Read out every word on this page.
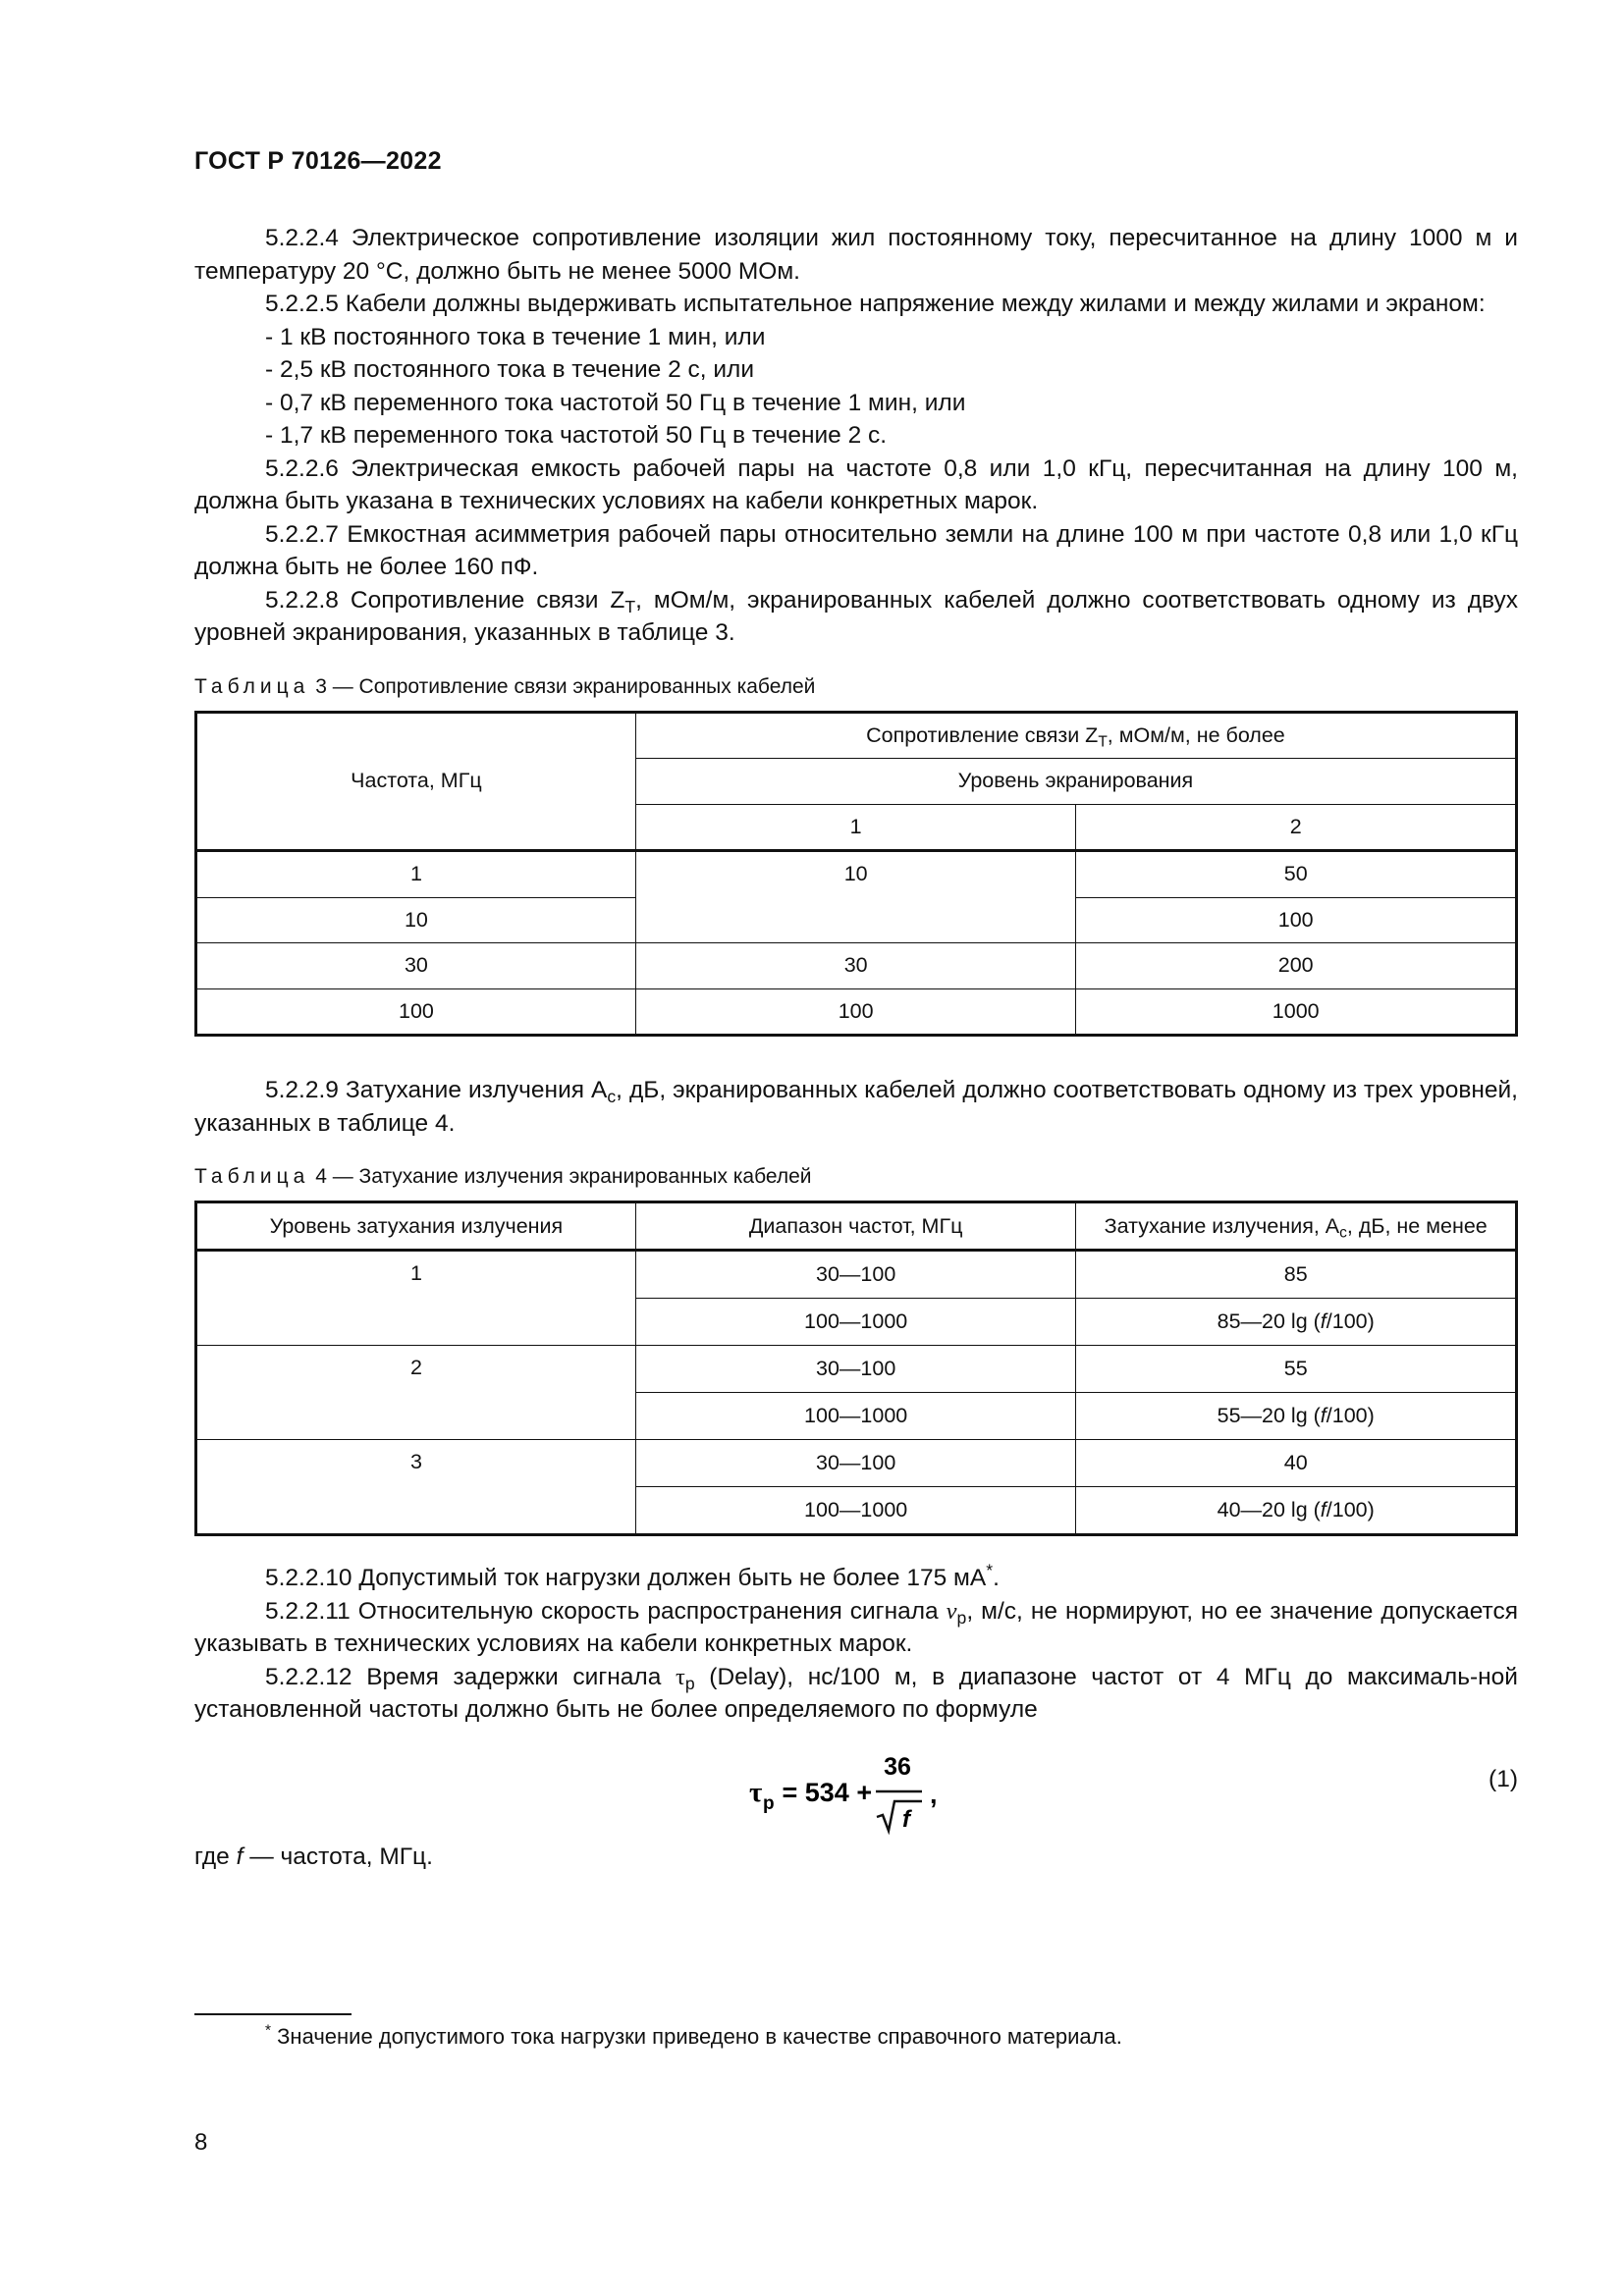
ГОСТ Р 70126—2022

5.2.2.4 Электрическое сопротивление изоляции жил постоянному току, пересчитанное на длину 1000 м и температуру 20 °С, должно быть не менее 5000 МОм.

5.2.2.5 Кабели должны выдерживать испытательное напряжение между жилами и между жилами и экраном:

- 1 кВ постоянного тока в течение 1 мин, или

- 2,5 кВ постоянного тока в течение 2 с, или

- 0,7 кВ переменного тока частотой 50 Гц в течение 1 мин, или

- 1,7 кВ переменного тока частотой 50 Гц в течение 2 с.

5.2.2.6 Электрическая емкость рабочей пары на частоте 0,8 или 1,0 кГц, пересчитанная на длину 100 м, должна быть указана в технических условиях на кабели конкретных марок.

5.2.2.7 Емкостная асимметрия рабочей пары относительно земли на длине 100 м при частоте 0,8 или 1,0 кГц должна быть не более 160 пФ.

5.2.2.8 Сопротивление связи $Z_T$, мОм/м, экранированных кабелей должно соответствовать одному из двух уровней экранирования, указанных в таблице 3.

Таблица 3 — Сопротивление связи экранированных кабелей
Частота, МГц	Сопротивление связи $Z_T$, мОм/м, не более	
	Уровень экранирования	
	1	2
1	10	50
10		100
30	30	200
100	100	1000

5.2.2.9 Затухание излучения $A_c$, дБ, экранированных кабелей должно соответствовать одному из трех уровней, указанных в таблице 4.

Таблица 4 — Затухание излучения экранированных кабелей
Уровень затухания излучения	Диапазон частот, МГц	Затухание излучения, $A_c$, дБ, не менее
1	30—100	85
	100—1000	85—20 lg (f/100)
2	30—100	55
	100—1000	55—20 lg (f/100)
3	30—100	40
	100—1000	40—20 lg (f/100)

5.2.2.10 Допустимый ток нагрузки должен быть не более 175 мА*.

5.2.2.11 Относительную скорость распространения сигнала $v_p$, м/с, не нормируют, но ее значение допускается указывать в технических условиях на кабели конкретных марок.

5.2.2.12 Время задержки сигнала $\tau_p$ (Delay), нс/100 м, в диапазоне частот от 4 МГц до максималь-ной установленной частоты должно быть не более определяемого по формуле

τ p = 534 +
36
f
,
(1)

где f — частота, МГц.

* Значение допустимого тока нагрузки приведено в качестве справочного материала.
8
